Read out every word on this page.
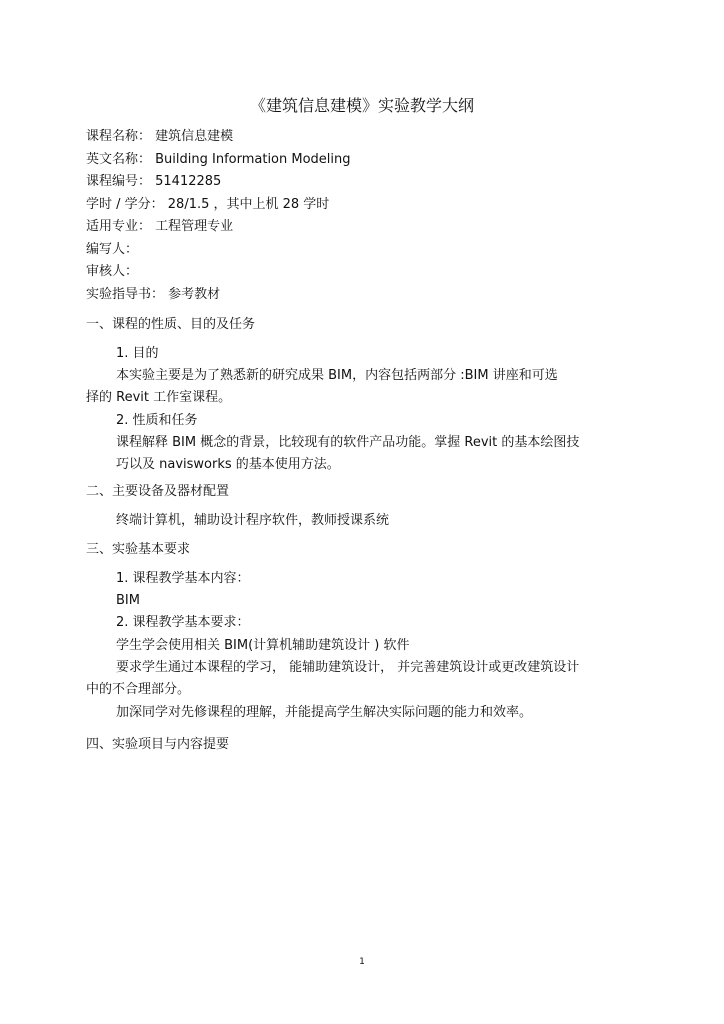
《建筑信息建模》实验教学大纲
课程名称： 建筑信息建模
英文名称： Building Information Modeling
课程编号： 51412285
学时 / 学分： 28/1.5 ，其中上机 28 学时
适用专业： 工程管理专业
编写人：
审核人：
实验指导书： 参考教材
一、课程的性质、目的及任务
1. 目的
本实验主要是为了熟悉新的研究成果 BIM，内容包括两部分 :BIM 讲座和可选
择的 Revit 工作室课程。
2. 性质和任务
课程解释 BIM 概念的背景，比较现有的软件产品功能。掌握 Revit 的基本绘图技
巧以及 navisworks 的基本使用方法。
二、主要设备及器材配置
终端计算机，辅助设计程序软件，教师授课系统
三、实验基本要求
1. 课程教学基本内容：
BIM
2. 课程教学基本要求：
学生学会使用相关 BIM(计算机辅助建筑设计 ) 软件
要求学生通过本课程的学习， 能辅助建筑设计， 并完善建筑设计或更改建筑设计
中的不合理部分。
加深同学对先修课程的理解，并能提高学生解决实际问题的能力和效率。
四、实验项目与内容提要
1
